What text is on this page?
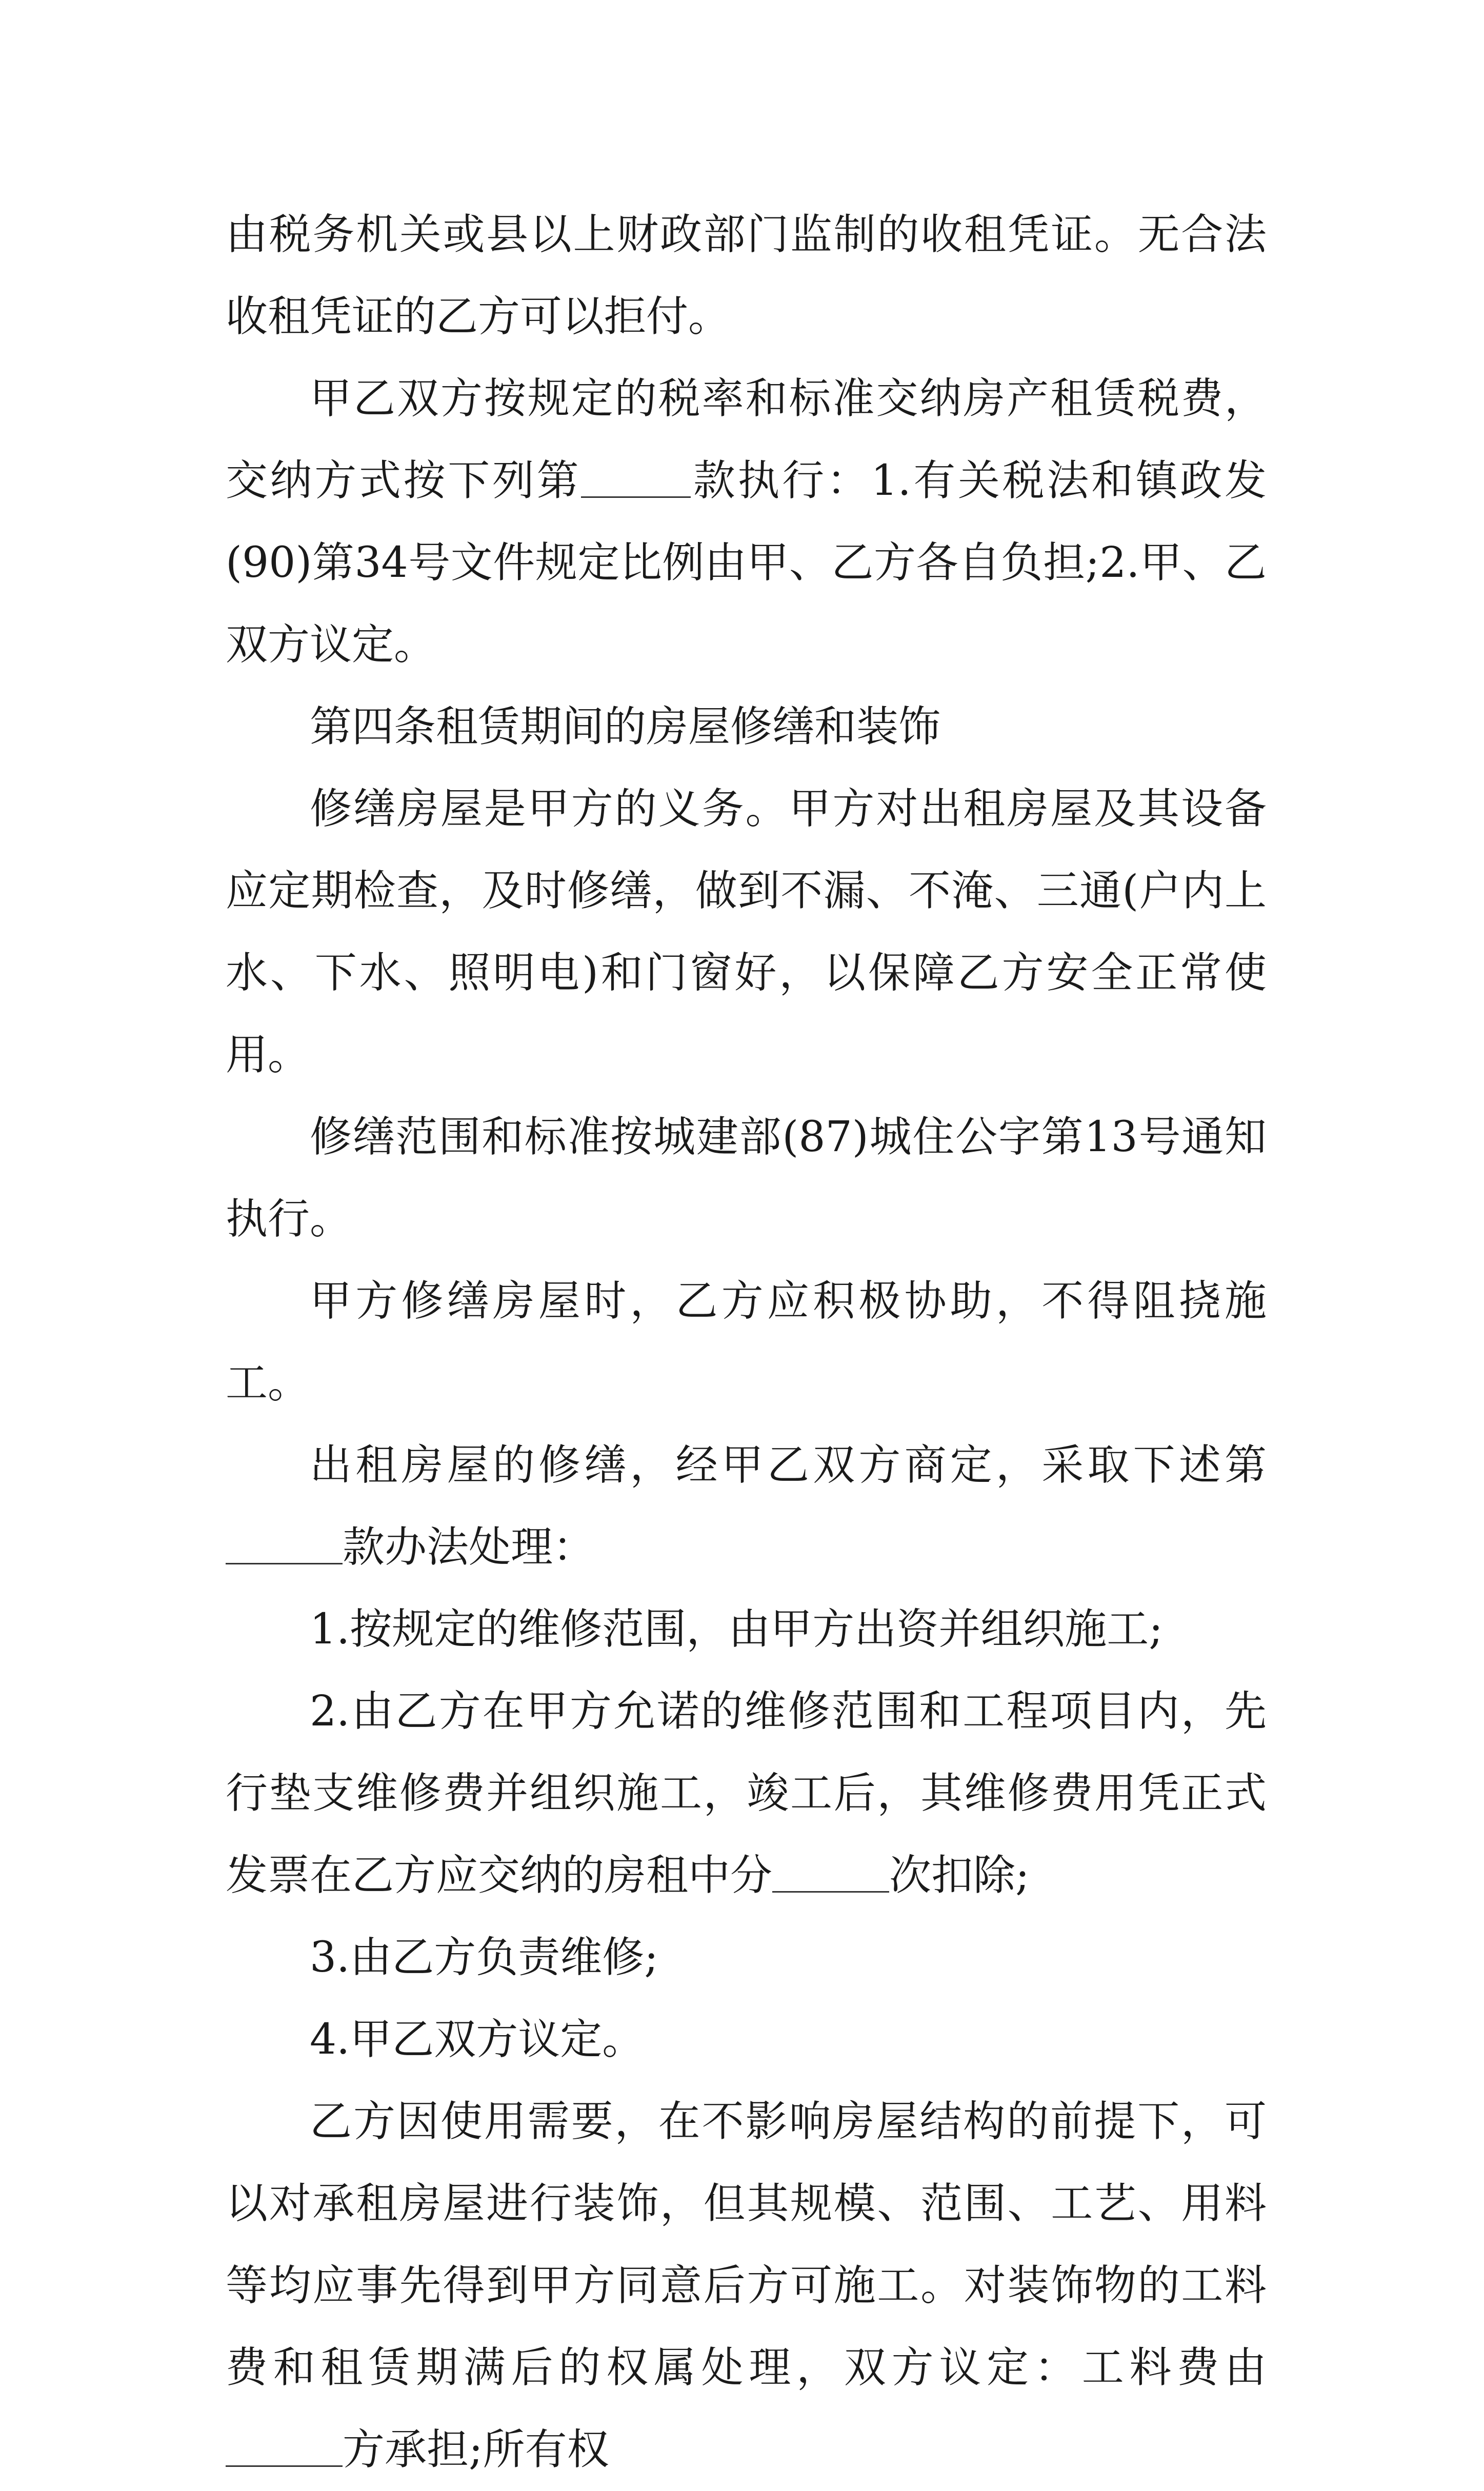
由税务机关或县以上财政部门监制的收租凭证。无合法收租凭证的乙方可以拒付。

甲乙双方按规定的税率和标准交纳房产租赁税费，交纳方式按下列第	款执行：1.有关税法和镇政发(90)第34号文件规定比例由甲、乙方各自负担;2.甲、乙双方议定。

第四条租赁期间的房屋修缮和装饰

修缮房屋是甲方的义务。甲方对出租房屋及其设备应定期检查，及时修缮，做到不漏、不淹、三通(户内上水、下水、照明电)和门窗好，以保障乙方安全正常使用。

修缮范围和标准按城建部(87)城住公字第13号通知执行。

甲方修缮房屋时，乙方应积极协助，不得阻挠施工。

出租房屋的修缮，经甲乙双方商定，采取下述第款办法处理：

1.按规定的维修范围，由甲方出资并组织施工;

2.由乙方在甲方允诺的维修范围和工程项目内，先行垫支维修费并组织施工，竣工后，其维修费用凭正式发票在乙方应交纳的房租中分	次扣除;

3.由乙方负责维修;

4.甲乙双方议定。

乙方因使用需要，在不影响房屋结构的前提下，可以对承租房屋进行装饰，但其规模、范围、工艺、用料等均应事先得到甲方同意后方可施工。对装饰物的工料费和租赁期满后的权属处理，双方议定：工料费由方承担;所有权
